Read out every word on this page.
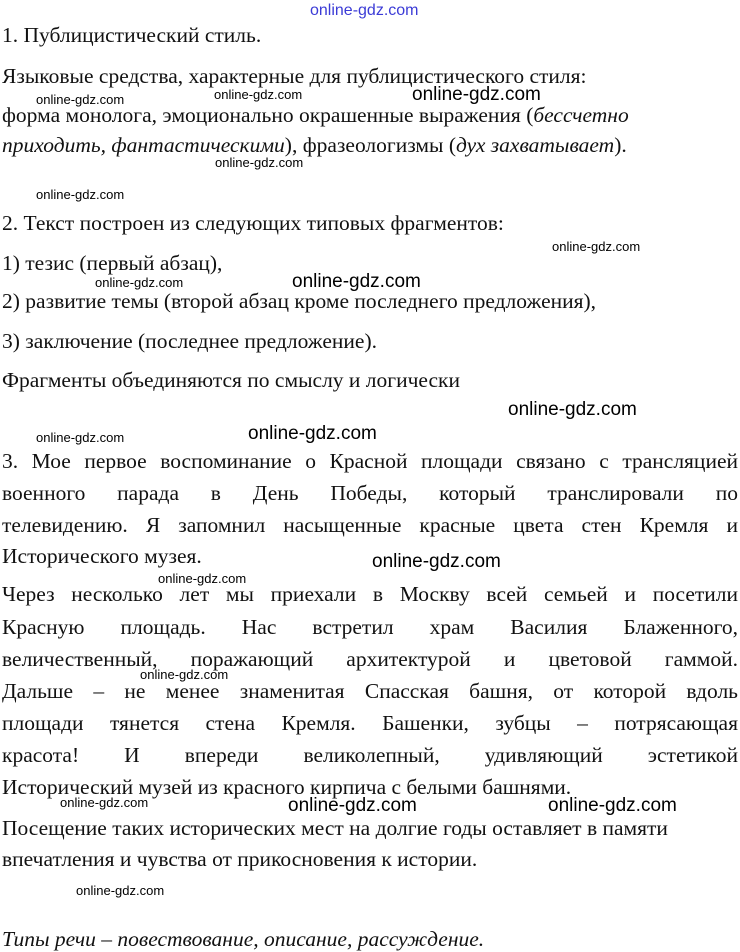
1. Публицистический стиль.
Языковые средства, характерные для публицистического стиля:
форма монолога, эмоционально окрашенные выражения (бессчетно
приходить, фантастическими), фразеологизмы (дух захватывает).
2. Текст построен из следующих типовых фрагментов:
1) тезис (первый абзац),
2) развитие темы (второй абзац кроме последнего предложения),
3) заключение (последнее предложение).
Фрагменты объединяются по смыслу и логически
3. Мое первое воспоминание о Красной площади связано с трансляцией
военного парада в День Победы, который транслировали по
телевидению. Я запомнил насыщенные красные цвета стен Кремля и
Исторического музея.
Через несколько лет мы приехали в Москву всей семьей и посетили
Красную площадь. Нас встретил храм Василия Блаженного,
величественный, поражающий архитектурой и цветовой гаммой.
Дальше – не менее знаменитая Спасская башня, от которой вдоль
площади тянется стена Кремля. Башенки, зубцы – потрясающая
красота! И впереди великолепный, удивляющий эстетикой
Исторический музей из красного кирпича с белыми башнями.
Посещение таких исторических мест на долгие годы оставляет в памяти
впечатления и чувства от прикосновения к истории.
Типы речи – повествование, описание, рассуждение.
online-gdz.com
online-gdz.com	online-gdz.com	online-gdz.com
online-gdz.com
online-gdz.com
online-gdz.com
online-gdz.com	online-gdz.com
online-gdz.com
online-gdz.com	online-gdz.com
online-gdz.com
online-gdz.com
online-gdz.com
online-gdz.com	online-gdz.com	online-gdz.com
online-gdz.com
